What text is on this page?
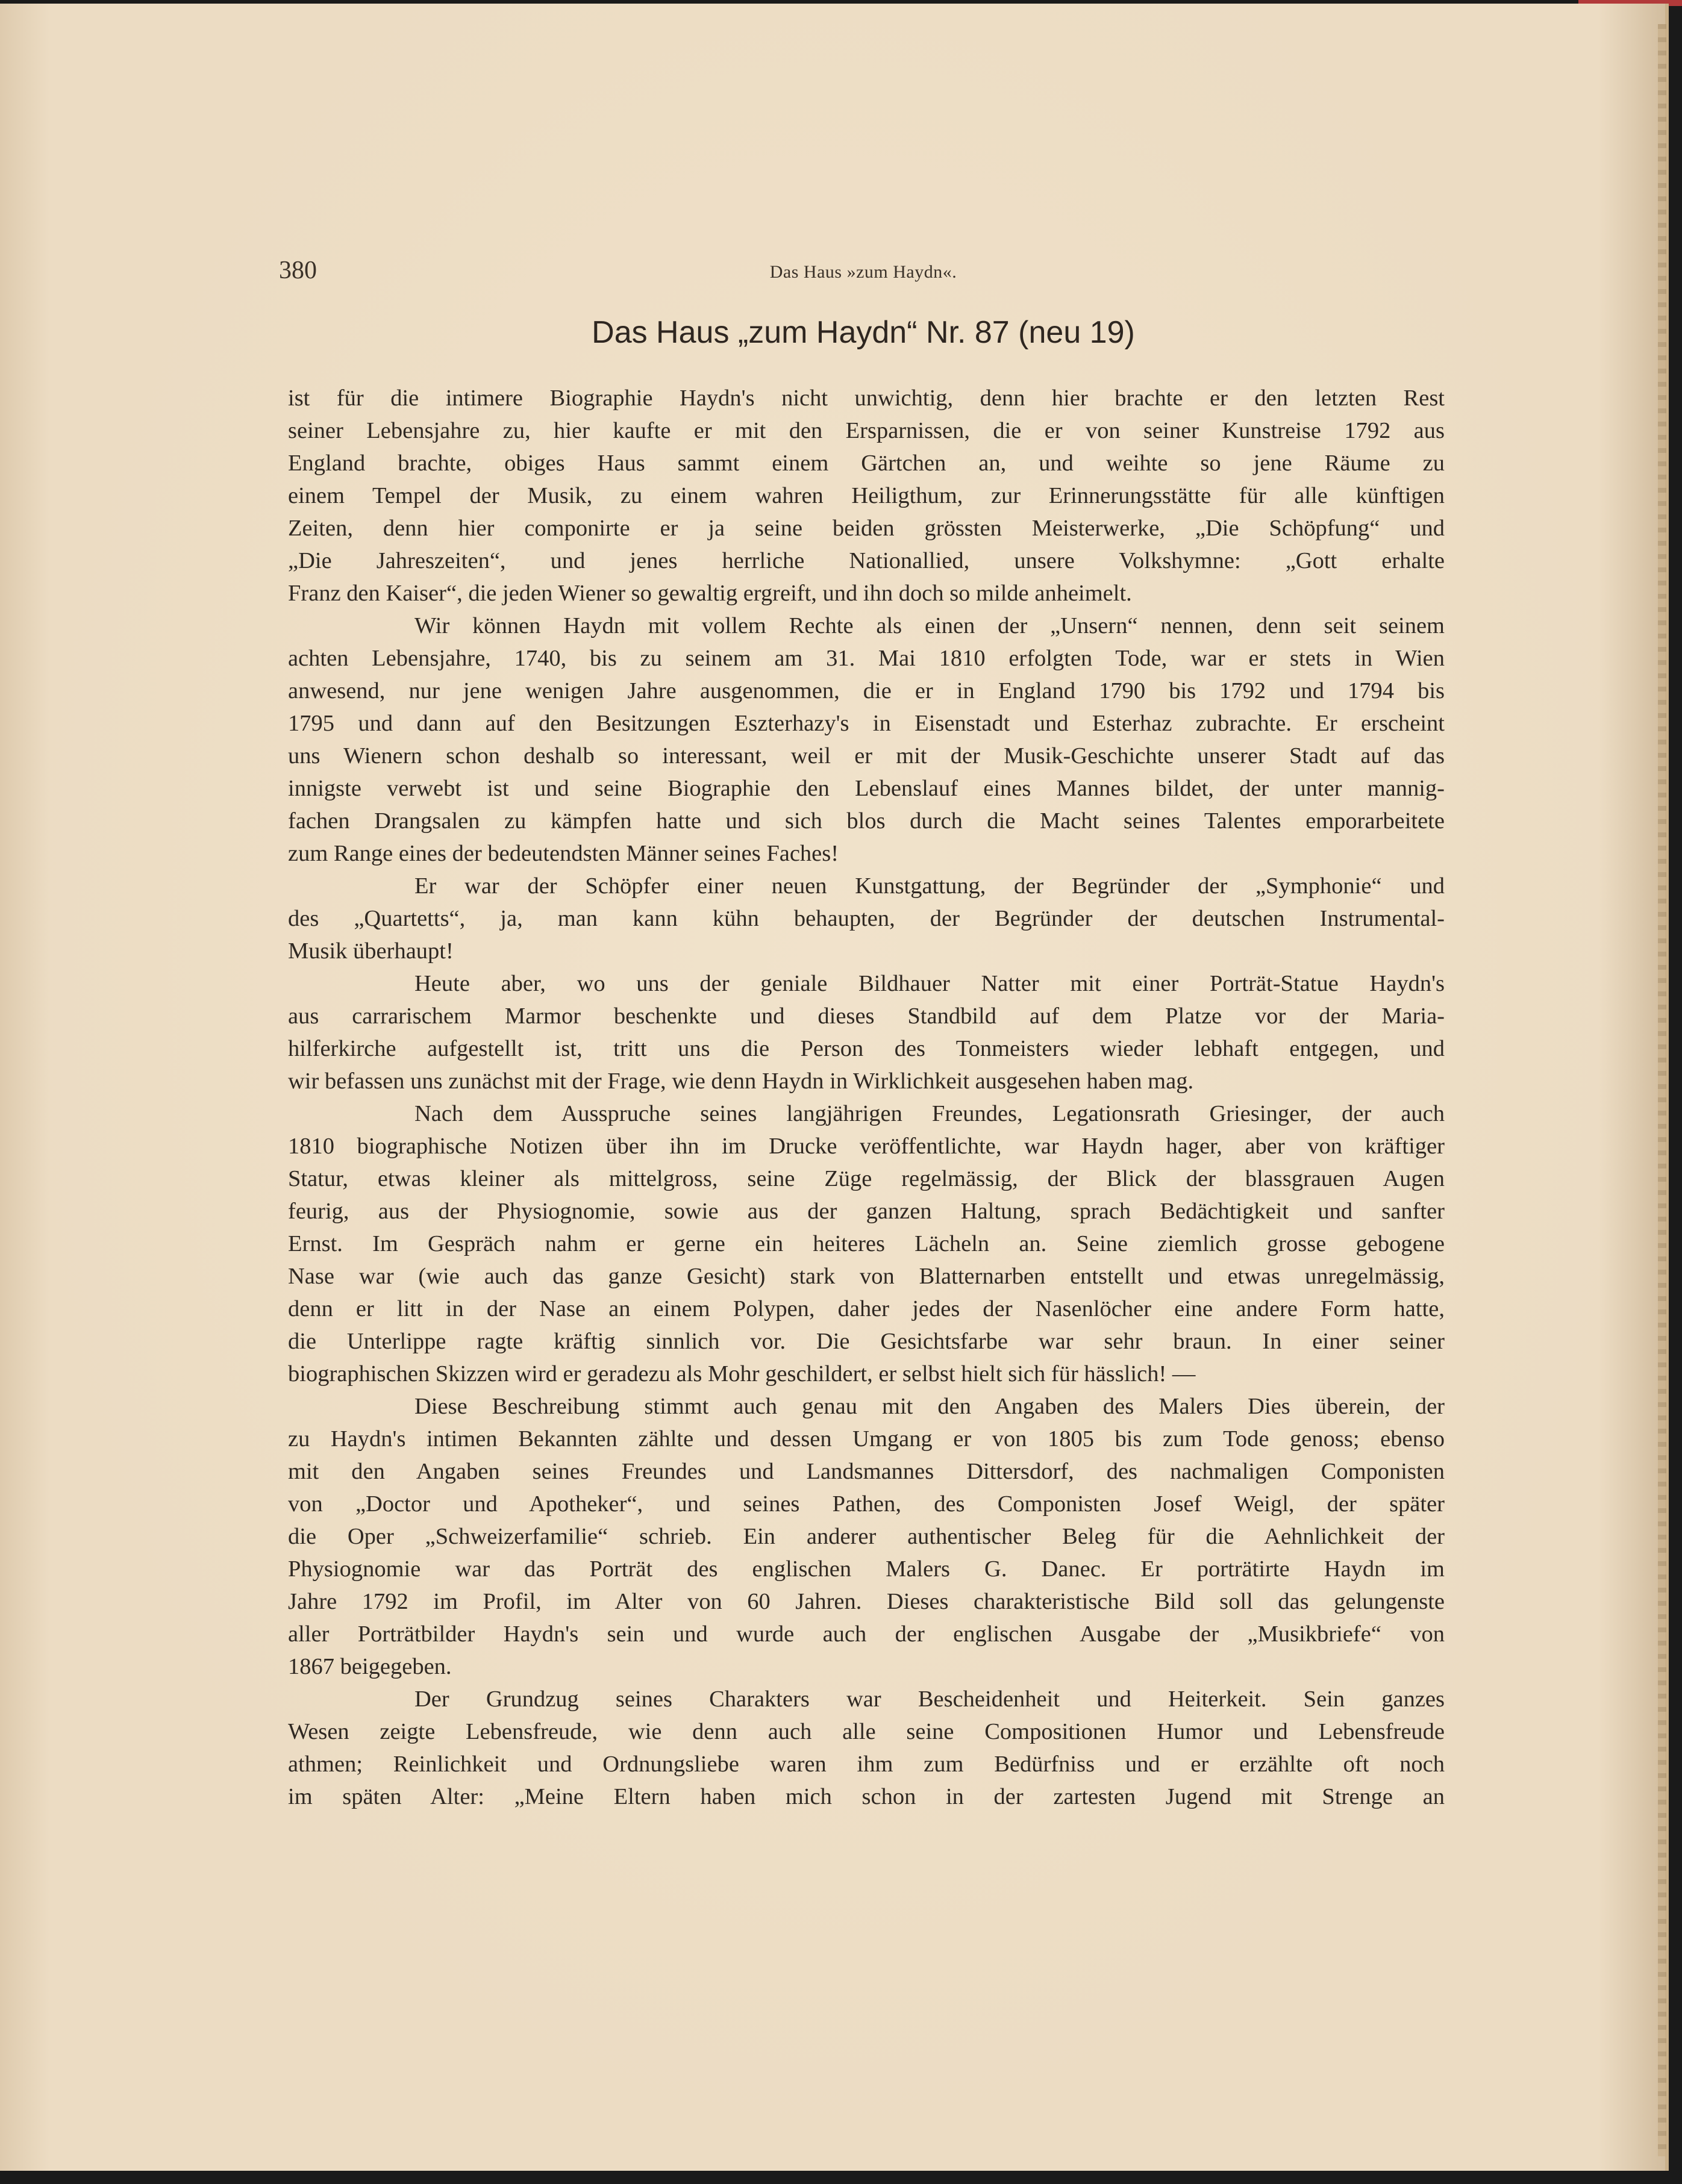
380	Das Haus »zum Haydn«.
Das Haus „zum Haydn“ Nr. 87 (neu 19)
ist für die intimere Biographie Haydn's nicht unwichtig, denn hier brachte er den letzten Rest
seiner Lebensjahre zu, hier kaufte er mit den Ersparnissen, die er von seiner Kunstreise 1792 aus
England brachte, obiges Haus sammt einem Gärtchen an, und weihte so jene Räume zu
einem Tempel der Musik, zu einem wahren Heiligthum, zur Erinnerungsstätte für alle künftigen
Zeiten, denn hier componirte er ja seine beiden grössten Meisterwerke, „Die Schöpfung“ und
„Die Jahreszeiten“, und jenes herrliche Nationallied, unsere Volkshymne: „Gott erhalte
Franz den Kaiser“, die jeden Wiener so gewaltig ergreift, und ihn doch so milde anheimelt.
Wir können Haydn mit vollem Rechte als einen der „Unsern“ nennen, denn seit seinem
achten Lebensjahre, 1740, bis zu seinem am 31. Mai 1810 erfolgten Tode, war er stets in Wien
anwesend, nur jene wenigen Jahre ausgenommen, die er in England 1790 bis 1792 und 1794 bis
1795 und dann auf den Besitzungen Eszterhazy's in Eisenstadt und Esterhaz zubrachte. Er erscheint
uns Wienern schon deshalb so interessant, weil er mit der Musik-Geschichte unserer Stadt auf das
innigste verwebt ist und seine Biographie den Lebenslauf eines Mannes bildet, der unter mannig-
fachen Drangsalen zu kämpfen hatte und sich blos durch die Macht seines Talentes emporarbeitete
zum Range eines der bedeutendsten Männer seines Faches!
Er war der Schöpfer einer neuen Kunstgattung, der Begründer der „Symphonie“ und
des „Quartetts“, ja, man kann kühn behaupten, der Begründer der deutschen Instrumental-
Musik überhaupt!
Heute aber, wo uns der geniale Bildhauer Natter mit einer Porträt-Statue Haydn's
aus carrarischem Marmor beschenkte und dieses Standbild auf dem Platze vor der Maria-
hilferkirche aufgestellt ist, tritt uns die Person des Tonmeisters wieder lebhaft entgegen, und
wir befassen uns zunächst mit der Frage, wie denn Haydn in Wirklichkeit ausgesehen haben mag.
Nach dem Ausspruche seines langjährigen Freundes, Legationsrath Griesinger, der auch
1810 biographische Notizen über ihn im Drucke veröffentlichte, war Haydn hager, aber von kräftiger
Statur, etwas kleiner als mittelgross, seine Züge regelmässig, der Blick der blassgrauen Augen
feurig, aus der Physiognomie, sowie aus der ganzen Haltung, sprach Bedächtigkeit und sanfter
Ernst. Im Gespräch nahm er gerne ein heiteres Lächeln an. Seine ziemlich grosse gebogene
Nase war (wie auch das ganze Gesicht) stark von Blatternarben entstellt und etwas unregelmässig,
denn er litt in der Nase an einem Polypen, daher jedes der Nasenlöcher eine andere Form hatte,
die Unterlippe ragte kräftig sinnlich vor. Die Gesichtsfarbe war sehr braun. In einer seiner
biographischen Skizzen wird er geradezu als Mohr geschildert, er selbst hielt sich für hässlich! —
Diese Beschreibung stimmt auch genau mit den Angaben des Malers Dies überein, der
zu Haydn's intimen Bekannten zählte und dessen Umgang er von 1805 bis zum Tode genoss; ebenso
mit den Angaben seines Freundes und Landsmannes Dittersdorf, des nachmaligen Componisten
von „Doctor und Apotheker“, und seines Pathen, des Componisten Josef Weigl, der später
die Oper „Schweizerfamilie“ schrieb. Ein anderer authentischer Beleg für die Aehnlichkeit der
Physiognomie war das Porträt des englischen Malers G. Danec. Er porträtirte Haydn im
Jahre 1792 im Profil, im Alter von 60 Jahren. Dieses charakteristische Bild soll das gelungenste
aller Porträtbilder Haydn's sein und wurde auch der englischen Ausgabe der „Musikbriefe“ von
1867 beigegeben.
Der Grundzug seines Charakters war Bescheidenheit und Heiterkeit. Sein ganzes
Wesen zeigte Lebensfreude, wie denn auch alle seine Compositionen Humor und Lebensfreude
athmen; Reinlichkeit und Ordnungsliebe waren ihm zum Bedürfniss und er erzählte oft noch
im späten Alter: „Meine Eltern haben mich schon in der zartesten Jugend mit Strenge an
